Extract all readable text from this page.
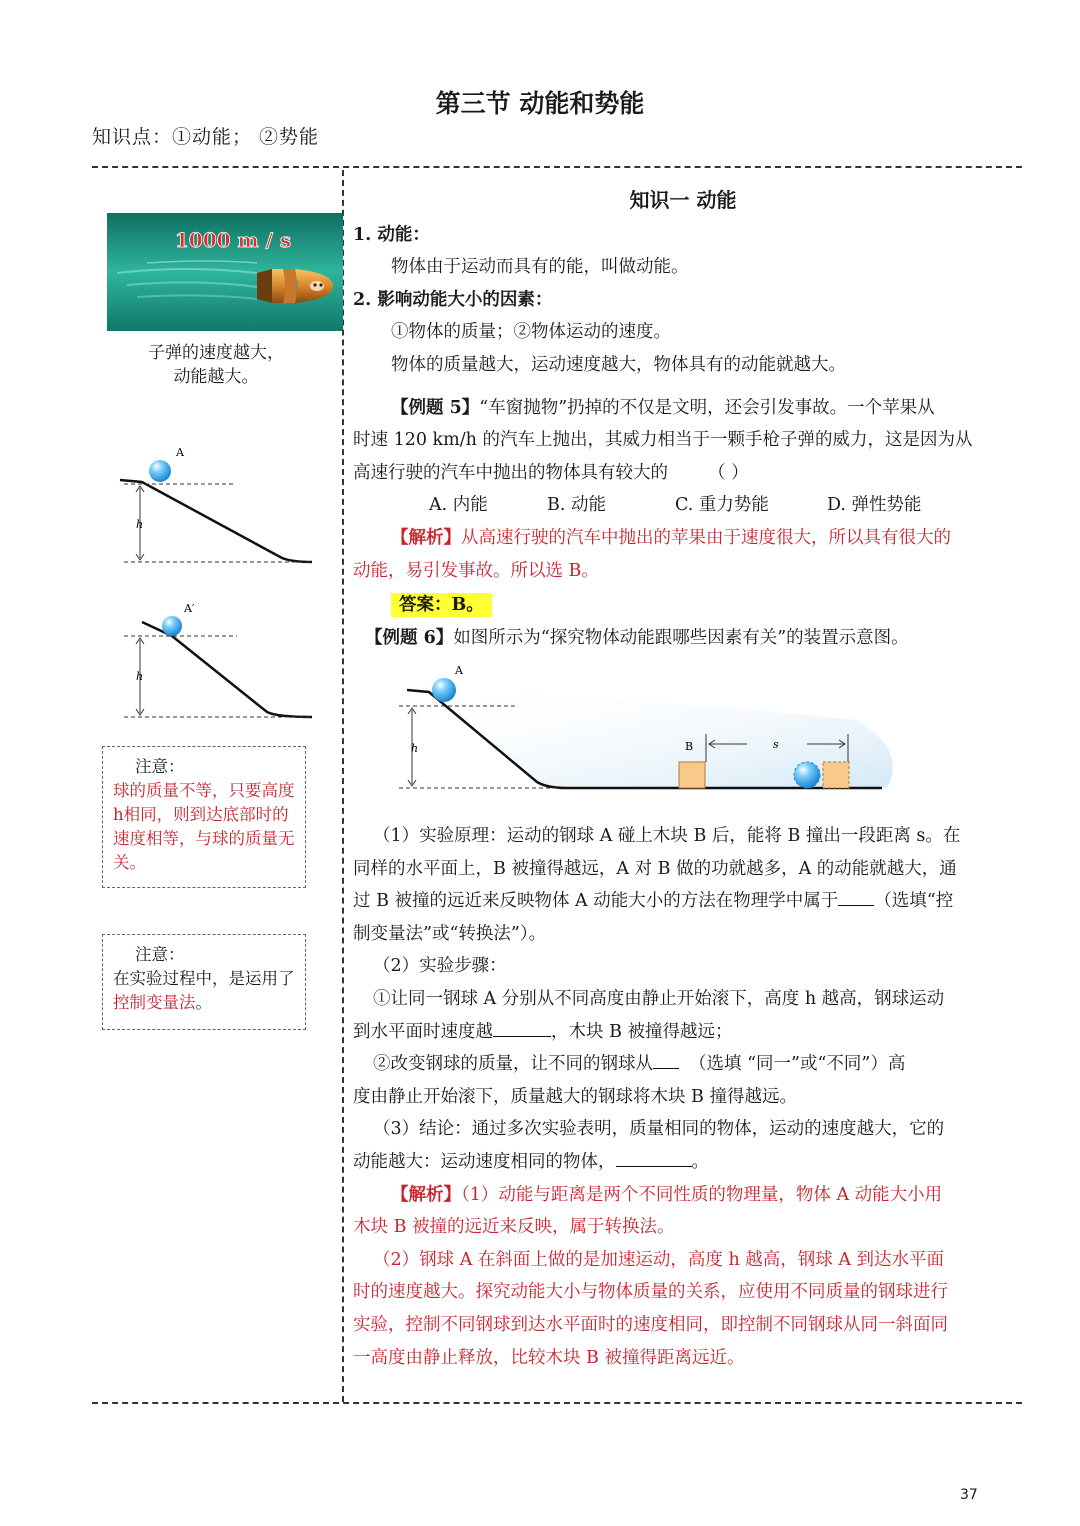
第三节 动能和势能
知识点：①动能； ②势能
1000 m / s
子弹的速度越大，
动能越大。
A
h
A′
h
注意：
球的质量不等，只要高度h相同，则到达底部时的速度相等，与球的质量无关。
注意：
在实验过程中，是运用了控制变量法。

知识一 动能

1. 动能：

物体由于运动而具有的能，叫做动能。

2. 影响动能大小的因素：

①物体的质量；②物体运动的速度。

物体的质量越大，运动速度越大，物体具有的动能就越大。

【例题 5】“车窗抛物”扔掉的不仅是文明，还会引发事故。一个苹果从

时速 120 km/h 的汽车上抛出，其威力相当于一颗手枪子弹的威力，这是因为从

高速行驶的汽车中抛出的物体具有较大的 （ ）

A. 内能	B. 动能	C. 重力势能	D. 弹性势能

【解析】从高速行驶的汽车中抛出的苹果由于速度很大，所以具有很大的

动能，易引发事故。所以选 B。

答案：B。

【例题 6】如图所示为“探究物体动能跟哪些因素有关”的装置示意图。

A
h	B	s

（1）实验原理：运动的钢球 A 碰上木块 B 后，能将 B 撞出一段距离 s。在

同样的水平面上，B 被撞得越远，A 对 B 做的功就越多，A 的动能就越大，通

过 B 被撞的远近来反映物体 A 动能大小的方法在物理学中属于 （选填“控

制变量法”或“转换法”）。

（2）实验步骤：

①让同一钢球 A 分别从不同高度由静止开始滚下，高度 h 越高，钢球运动

到水平面时速度越	，木块 B 被撞得越远；

②改变钢球的质量，让不同的钢球从 （选填 “同一”或“不同”）高

度由静止开始滚下，质量越大的钢球将木块 B 撞得越远。

（3）结论：通过多次实验表明，质量相同的物体，运动的速度越大，它的

动能越大：运动速度相同的物体，	。

【解析】（1）动能与距离是两个不同性质的物理量，物体 A 动能大小用

木块 B 被撞的远近来反映，属于转换法。

（2）钢球 A 在斜面上做的是加速运动，高度 h 越高，钢球 A 到达水平面

时的速度越大。探究动能大小与物体质量的关系，应使用不同质量的钢球进行

实验，控制不同钢球到达水平面时的速度相同，即控制不同钢球从同一斜面同

一高度由静止释放，比较木块 B 被撞得距离远近。

37
